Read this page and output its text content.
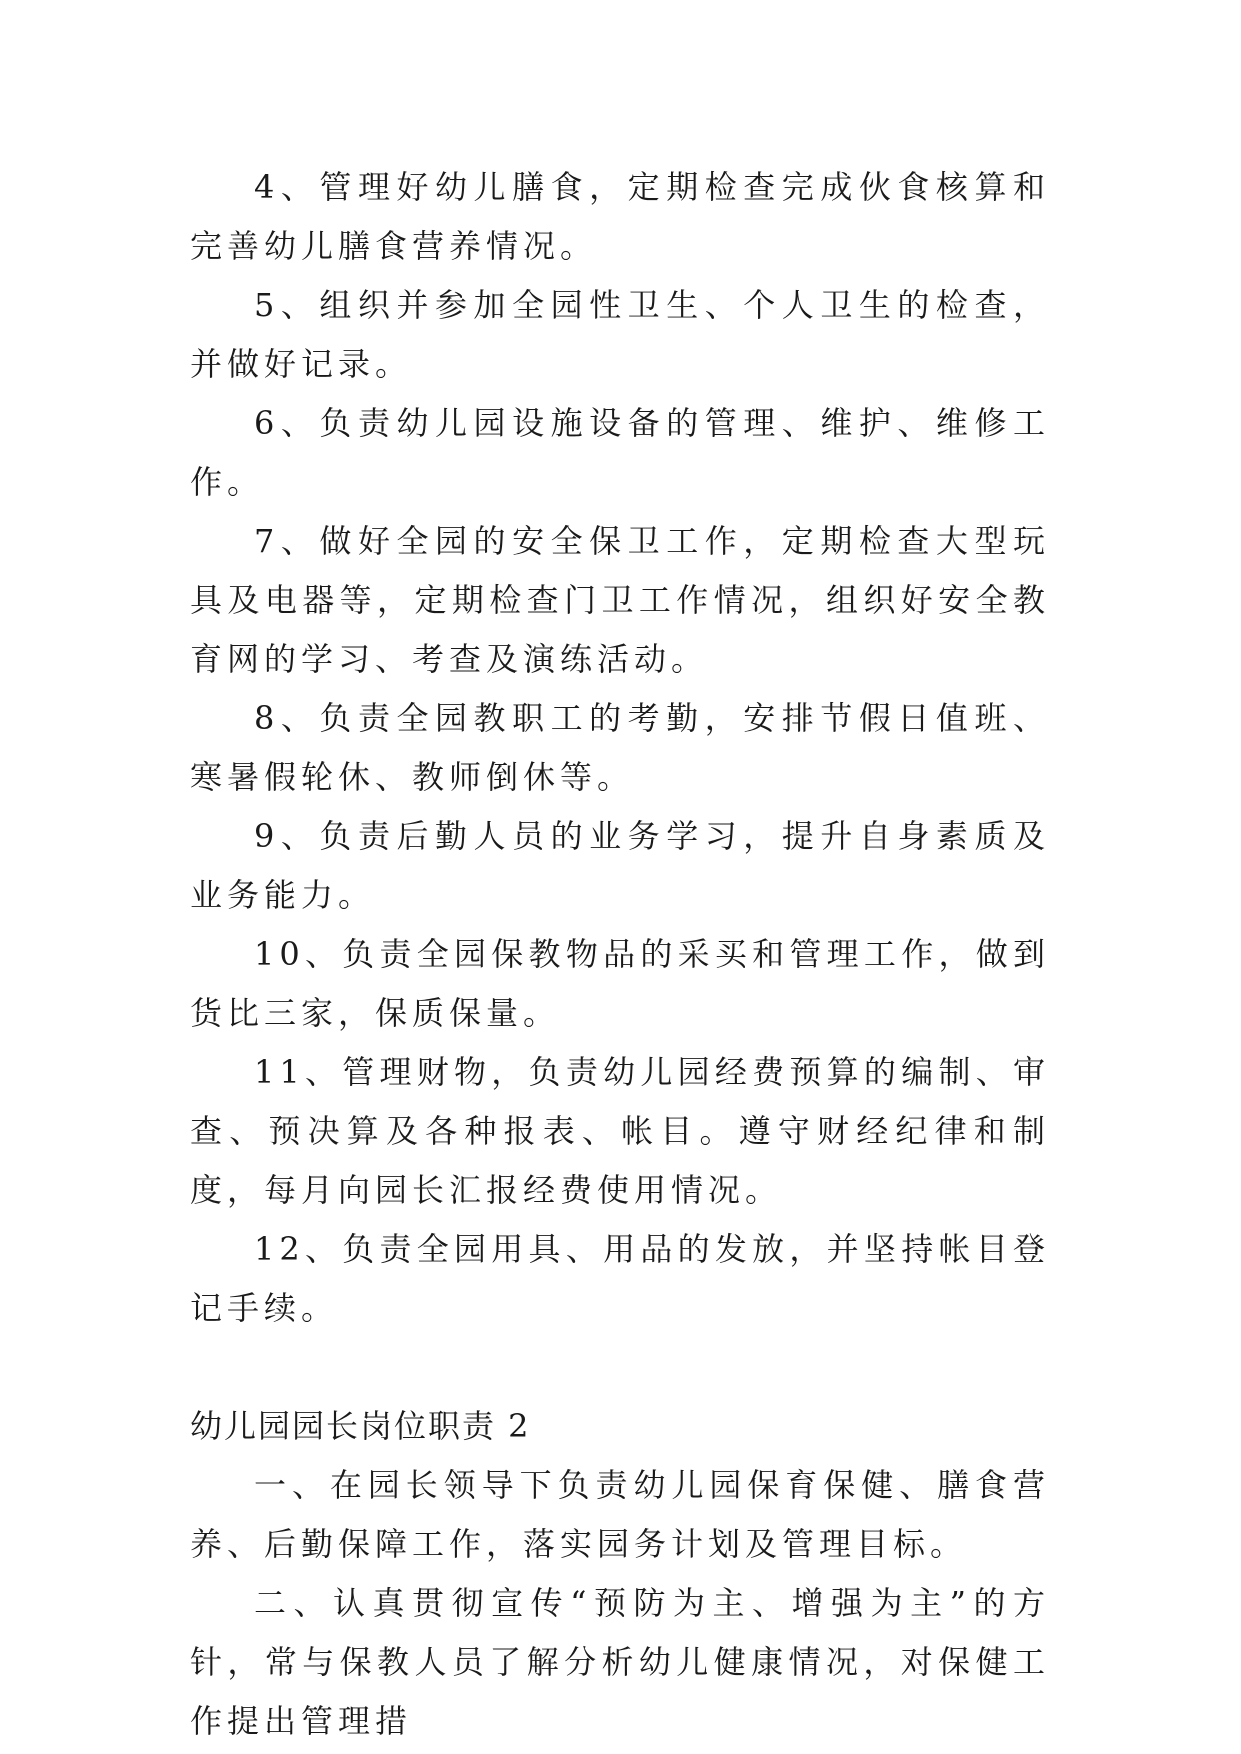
4、管理好幼儿膳食，定期检查完成伙食核算和完善幼儿膳食营养情况。

5、组织并参加全园性卫生、个人卫生的检查，并做好记录。

6、负责幼儿园设施设备的管理、维护、维修工作。

7、做好全园的安全保卫工作，定期检查大型玩具及电器等，定期检查门卫工作情况，组织好安全教育网的学习、考查及演练活动。

8、负责全园教职工的考勤，安排节假日值班、寒暑假轮休、教师倒休等。

9、负责后勤人员的业务学习，提升自身素质及业务能力。

10、负责全园保教物品的采买和管理工作，做到货比三家，保质保量。

11、管理财物，负责幼儿园经费预算的编制、审查、预决算及各种报表、帐目。遵守财经纪律和制度，每月向园长汇报经费使用情况。

12、负责全园用具、用品的发放，并坚持帐目登记手续。

幼儿园园长岗位职责 2

一、在园长领导下负责幼儿园保育保健、膳食营养、后勤保障工作，落实园务计划及管理目标。

二、认真贯彻宣传“预防为主、增强为主”的方针，常与保教人员了解分析幼儿健康情况，对保健工作提出管理措
